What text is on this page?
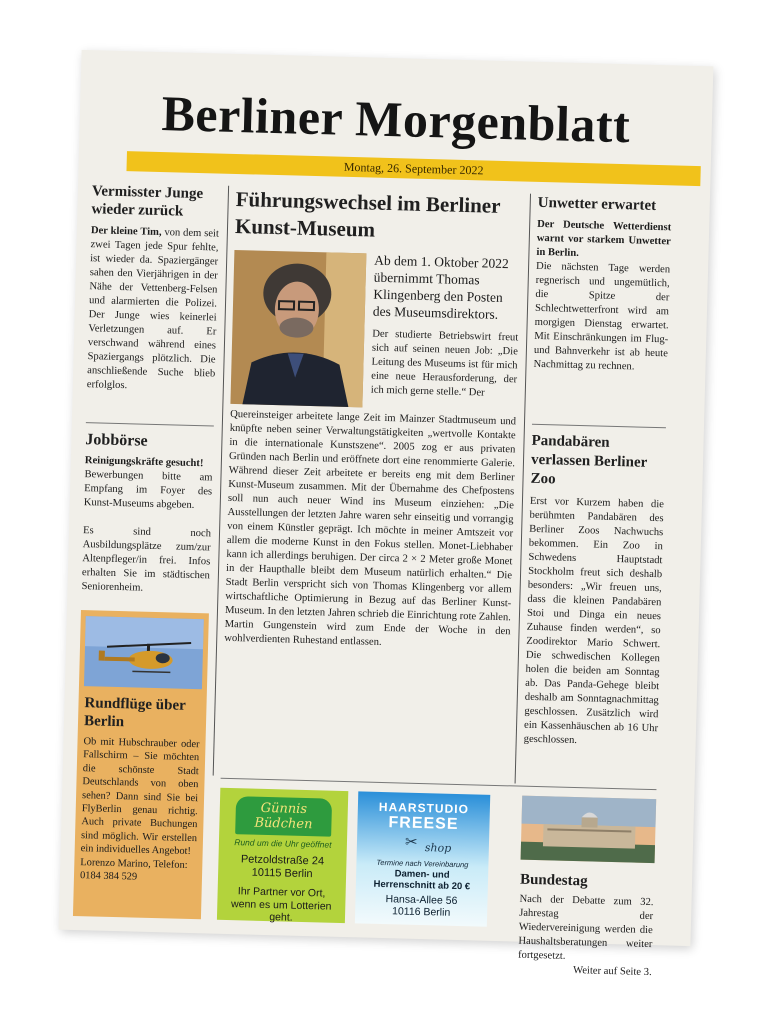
Berliner Morgenblatt
Montag, 26. September 2022
Vermisster Junge wieder zurück

Der kleine Tim, von dem seit zwei Tagen jede Spur fehlte, ist wieder da. Spaziergänger sahen den Vierjährigen in der Nähe der Vettenberg-Felsen und alarmierten die Polizei. Der Junge wies keinerlei Verletzungen auf. Er verschwand während eines Spaziergangs plötzlich. Die anschließende Suche blieb erfolglos.

Jobbörse

Reinigungskräfte gesucht!

Bewerbungen bitte am Empfang im Foyer des Kunst-Museums abgeben.

Es sind noch Ausbildungsplätze zum/zur Altenpfleger/in frei. Infos erhalten Sie im städtischen Seniorenheim.

Rundflüge über Berlin

Ob mit Hubschrauber oder Fallschirm – Sie möchten die schönste Stadt Deutschlands von oben sehen? Dann sind Sie bei FlyBerlin genau richtig. Auch private Buchungen sind möglich. Wir erstellen ein individuelles Angebot!

Lorenzo Marino, Telefon: 0184 384 529

Führungswechsel im Berliner Kunst-Museum

Ab dem 1. Oktober 2022 übernimmt Thomas Klingenberg den Posten des Museumsdirektors.

Der studierte Betriebswirt freut sich auf seinen neuen Job: „Die Leitung des Museums ist für mich eine neue Herausforderung, der ich mich gerne stelle.“ Der

Quereinsteiger arbeitete lange Zeit im Mainzer Stadtmuseum und knüpfte neben seiner Verwaltungstätigkeiten „wertvolle Kontakte in die internationale Kunstszene“. 2005 zog er aus privaten Gründen nach Berlin und eröffnete dort eine renommierte Galerie. Während dieser Zeit arbeitete er bereits eng mit dem Berliner Kunst-Museum zusammen. Mit der Übernahme des Chefpostens soll nun auch neuer Wind ins Museum einziehen: „Die Ausstellungen der letzten Jahre waren sehr einseitig und vorrangig von einem Künstler geprägt. Ich möchte in meiner Amtszeit vor allem die moderne Kunst in den Fokus stellen. Monet-Liebhaber kann ich allerdings beruhigen. Der circa 2 × 2 Meter große Monet in der Haupthalle bleibt dem Museum natürlich erhalten.“ Die Stadt Berlin verspricht sich von Thomas Klingenberg vor allem wirtschaftliche Optimierung in Bezug auf das Berliner Kunst-Museum. In den letzten Jahren schrieb die Einrichtung rote Zahlen. Martin Gungenstein wird zum Ende der Woche in den wohlverdienten Ruhestand entlassen.

Unwetter erwartet

Der Deutsche Wetterdienst warnt vor starkem Unwetter in Berlin.

Die nächsten Tage werden regnerisch und ungemütlich, die Spitze der Schlechtwetterfront wird am morgigen Dienstag erwartet. Mit Einschränkungen im Flug- und Bahnverkehr ist ab heute Nachmittag zu rechnen.

Pandabären verlassen Berliner Zoo

Erst vor Kurzem haben die berühmten Pandabären des Berliner Zoos Nachwuchs bekommen. Ein Zoo in Schwedens Hauptstadt Stockholm freut sich deshalb besonders: „Wir freuen uns, dass die kleinen Pandabären Stoi und Dinga ein neues Zuhause finden werden“, so Zoodirektor Mario Schwert. Die schwedischen Kollegen holen die beiden am Sonntag ab. Das Panda-Gehege bleibt deshalb am Sonntagnachmittag geschlossen. Zusätzlich wird ein Kassenhäuschen ab 16 Uhr geschlossen.

Günnis Büdchen
Rund um die Uhr geöffnet
Petzoldstraße 24
10115 Berlin
Ihr Partner vor Ort, wenn es um Lotterien geht.
HAARSTUDIO
FREESE
✂ shop
Termine nach Vereinbarung
Damen- und Herrenschnitt ab 20 €
Hansa-Allee 56
10116 Berlin
Bundestag

Nach der Debatte zum 32. Jahrestag der Wiedervereinigung werden die Haushaltsberatungen weiter fortgesetzt.

Weiter auf Seite 3.
